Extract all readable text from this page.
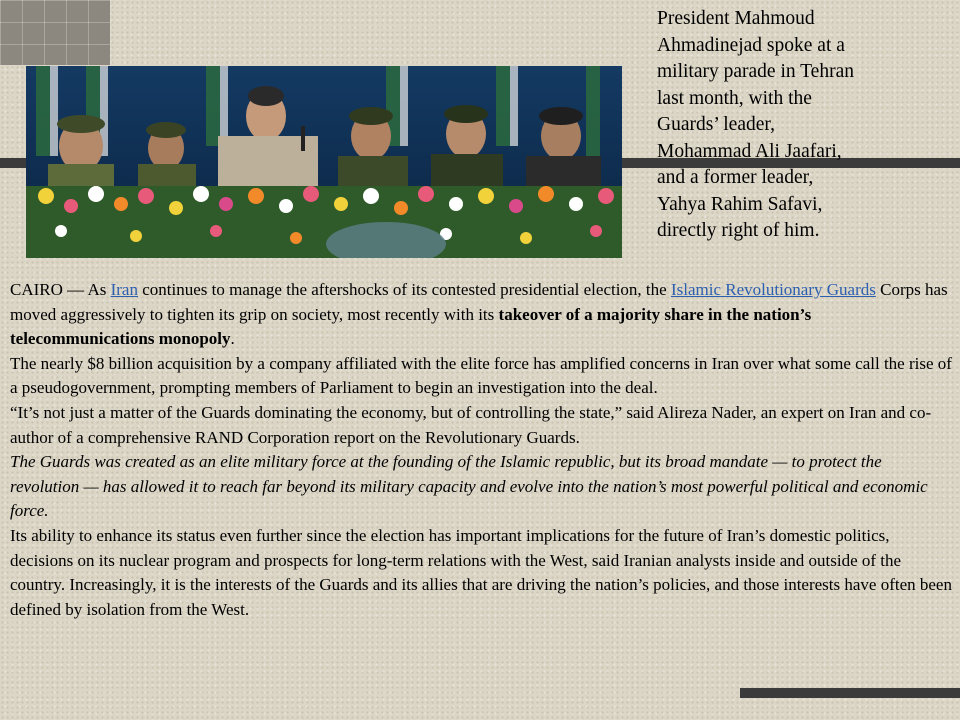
President Mahmoud
Ahmadinejad spoke at a
military parade in Tehran
last month, with the
Guards’ leader,
Mohammad Ali Jaafari,
and a former leader,
Yahya Rahim Safavi,
directly right of him.

CAIRO — As Iran continues to manage the aftershocks of its contested presidential election, the Islamic Revolutionary Guards Corps has moved aggressively to tighten its grip on society, most recently with its takeover of a majority share in the nation’s telecommunications monopoly.

The nearly $8 billion acquisition by a company affiliated with the elite force has amplified concerns in Iran over what some call the rise of a pseudogovernment, prompting members of Parliament to begin an investigation into the deal.

“It’s not just a matter of the Guards dominating the economy, but of controlling the state,” said Alireza Nader, an expert on Iran and co-author of a comprehensive RAND Corporation report on the Revolutionary Guards.

The Guards was created as an elite military force at the founding of the Islamic republic, but its broad mandate — to protect the revolution — has allowed it to reach far beyond its military capacity and evolve into the nation’s most powerful political and economic force.

Its ability to enhance its status even further since the election has important implications for the future of Iran’s domestic politics, decisions on its nuclear program and prospects for long-term relations with the West, said Iranian analysts inside and outside of the country. Increasingly, it is the interests of the Guards and its allies that are driving the nation’s policies, and those interests have often been defined by isolation from the West.
